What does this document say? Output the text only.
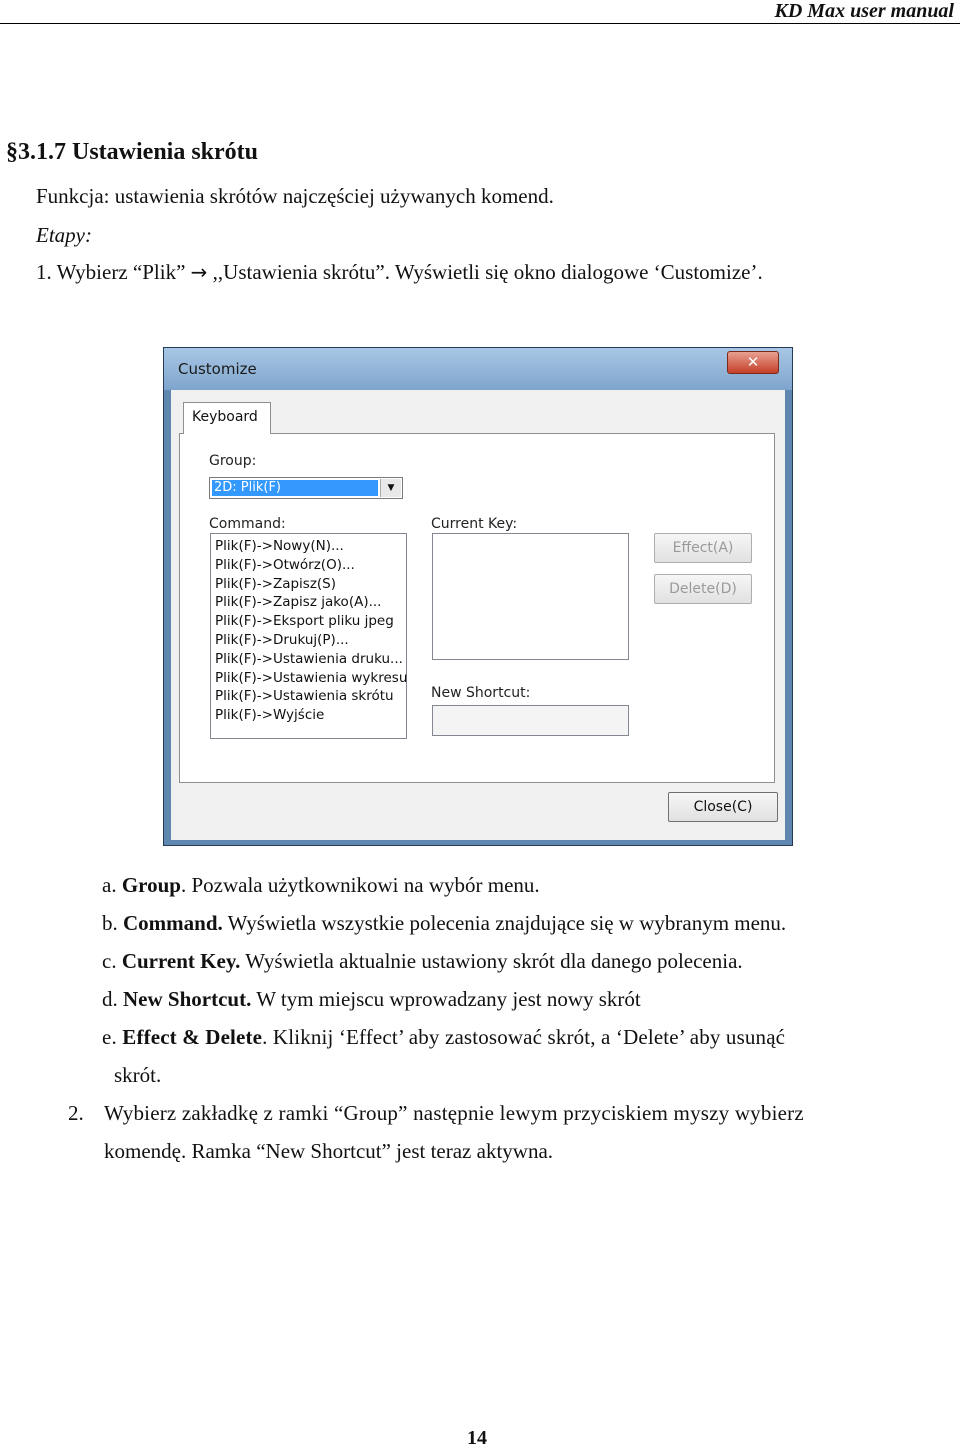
KD Max user manual
§3.1.7 Ustawienia skrótu
Funkcja: ustawienia skrótów najczęściej używanych komend.
Etapy:
1. Wybierz “Plik” → ,,Ustawienia skrótu”. Wyświetli się okno dialogowe ‘Customize’.
Customize	✕
Keyboard
Group:
2D: Plik(F)	▼
Command:
Plik(F)->Nowy(N)...
Plik(F)->Otwórz(O)...
Plik(F)->Zapisz(S)
Plik(F)->Zapisz jako(A)...
Plik(F)->Eksport pliku jpeg
Plik(F)->Drukuj(P)...
Plik(F)->Ustawienia druku...
Plik(F)->Ustawienia wykresu
Plik(F)->Ustawienia skrótu
Plik(F)->Wyjście
Current Key:
New Shortcut:
Effect(A)
Delete(D)
Close(C)
a. Group. Pozwala użytkownikowi na wybór menu.
b. Command. Wyświetla wszystkie polecenia znajdujące się w wybranym menu.
c. Current Key. Wyświetla aktualnie ustawiony skrót dla danego polecenia.
d. New Shortcut. W tym miejscu wprowadzany jest nowy skrót
e. Effect & Delete. Kliknij ‘Effect’ aby zastosować skrót, a ‘Delete’ aby usunąć
skrót.
2. Wybierz zakładkę z ramki “Group” następnie lewym przyciskiem myszy wybierz
komendę. Ramka “New Shortcut” jest teraz aktywna.
14
